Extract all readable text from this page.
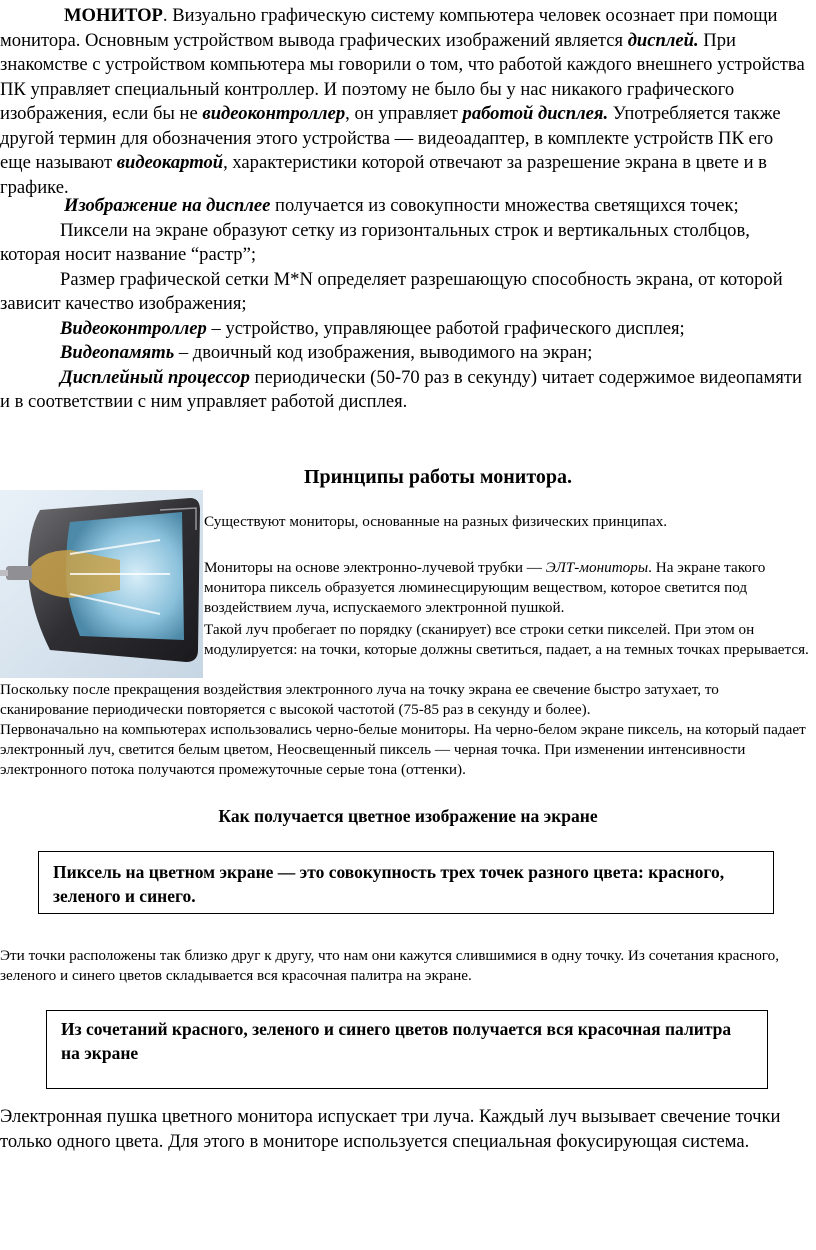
МОНИТОР. Визуально графическую систему компьютера человек осознает при помощи монитора. Основным устройством вывода графических изображений является дисплей. При знакомстве с устройством компьютера мы говорили о том, что работой каждого внешнего устройства ПК управляет специальный контроллер. И поэтому не было бы у нас никакого графического изображения, если бы не видеоконтроллер, он управляет работой дисплея. Употребляется также другой термин для обозначения этого устройства — видеоадаптер, в комплекте устройств ПК его еще называют видеокартой, характеристики которой отвечают за разрешение экрана в цвете и в графике.
Изображение на дисплее получается из совокупности множества светящихся точек;
Пиксели на экране образуют сетку из горизонтальных строк и вертикальных столбцов, которая носит название “растр”;
Размер графической сетки M*N определяет разрешающую способность экрана, от которой зависит качество изображения;
Видеоконтроллер – устройство, управляющее работой графического дисплея;
Видеопамять – двоичный код изображения, выводимого на экран;
Дисплейный процессор периодически (50-70 раз в секунду) читает содержимое видеопамяти и в соответствии с ним управляет работой дисплея.
Принципы работы монитора.
Существуют мониторы, основанные на разных физических принципах.
Мониторы на основе электронно-лучевой трубки — ЭЛТ-мониторы. На экране такого монитора пиксель образуется люминесцирующим веществом, которое светится под воздействием луча, испускаемого электронной пушкой.
Такой луч пробегает по порядку (сканирует) все строки сетки пикселей. При этом он модулируется: на точки, которые должны светиться, падает, а на темных точках прерывается.
Поскольку после прекращения воздействия электронного луча на точку экрана ее свечение быстро затухает, то сканирование периодически повторяется с высокой частотой (75-85 раз в секунду и более).
Первоначально на компьютерах использовались черно-белые мониторы. На черно-белом экране пиксель, на который падает электронный луч, светится белым цветом, Неосвещенный пиксель — черная точка. При изменении интенсивности электронного потока получаются промежуточные серые тона (оттенки).
Как получается цветное изображение на экране
Пиксель на цветном экране — это совокупность трех точек разного цвета: красного, зеленого и синего.
Эти точки расположены так близко друг к другу, что нам они кажутся слившимися в одну точку. Из сочетания красного, зеленого и синего цветов складывается вся красочная палитра на экране.
Из сочетаний красного, зеленого и синего цветов получается вся красочная палитра на экране
Электронная пушка цветного монитора испускает три луча. Каждый луч вызывает свечение точки только одного цвета. Для этого в мониторе используется специальная фокусирующая система.
